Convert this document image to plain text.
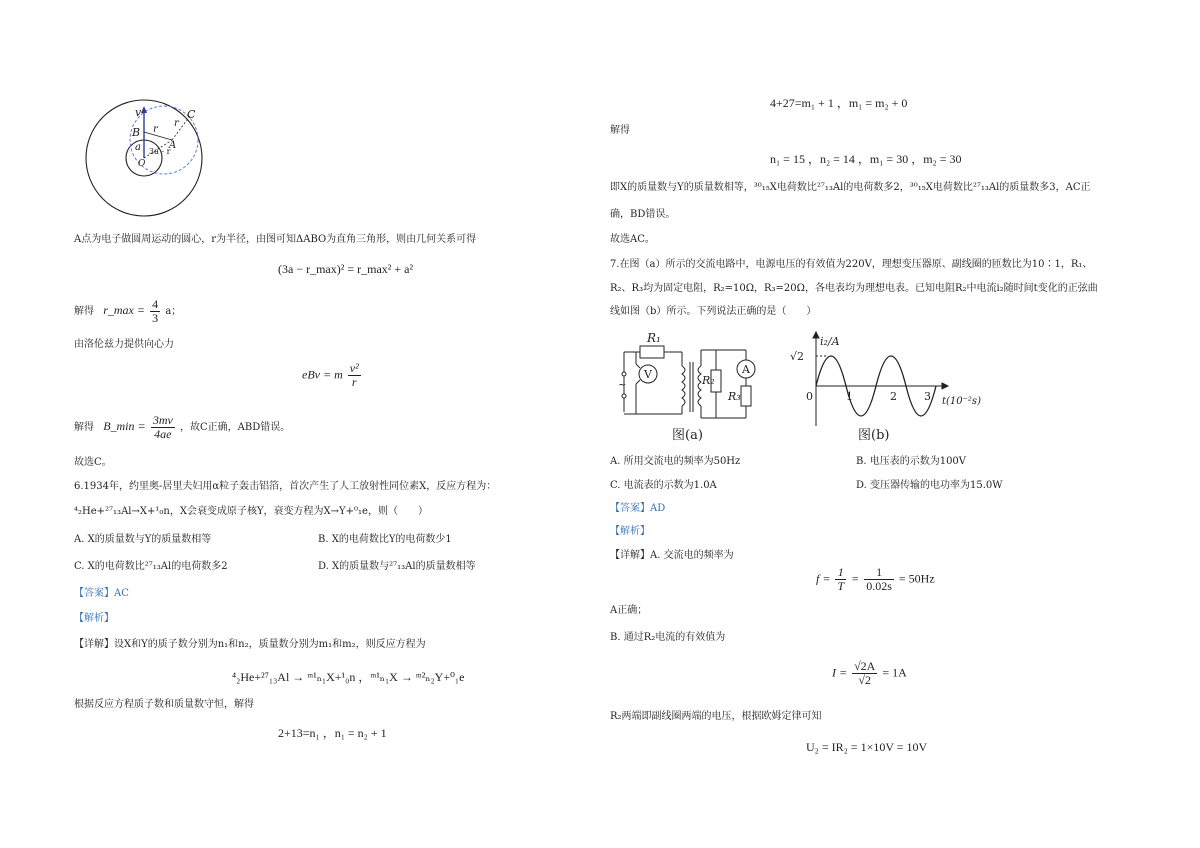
v
B
C
r
r
A
a
O
3a - r
A点为电子做圆周运动的圆心，r为半径，由图可知ΔABO为直角三角形，则由几何关系可得
(3a − r_max)² = r_max² + a²
解得 r_max = $\frac{4}{3}$ a；
由洛伦兹力提供向心力
eBv = m $\frac{\text{v²}}{r}$
解得 B_min = $\frac{3mv}{4ae}$ ，故C正确，ABD错误。
故选C。
6.1934年，约里奥-居里夫妇用α粒子轰击铝箔，首次产生了人工放射性同位素X，反应方程为：
⁴₂He+²⁷₁₃Al→X+¹₀n，X会衰变成原子核Y，衰变方程为X→Y+⁰₁e，则（　　）
A. X的质量数与Y的质量数相等	B. X的电荷数比Y的电荷数少1
C. X的电荷数比²⁷₁₃Al的电荷数多2	D. X的质量数与²⁷₁₃Al的质量数相等
【答案】AC
【解析】
【详解】设X和Y的质子数分别为n₁和n₂，质量数分别为m₁和m₂，则反应方程为
⁴₂He+²⁷₁₃Al → ᵐ¹ₙ₁X+¹₀n ，ᵐ¹ₙ₁X → ᵐ²ₙ₂Y+⁰₁e
根据反应方程质子数和质量数守恒，解得
2+13=n₁ ，n₁ = n₂ + 1
4+27=m₁ + 1 ，m₁ = m₂ + 0
解得
n₁ = 15 ，n₂ = 14 ，m₁ = 30 ，m₂ = 30
即X的质量数与Y的质量数相等，³⁰₁₅X电荷数比²⁷₁₃Al的电荷数多2，³⁰₁₅X电荷数比²⁷₁₃Al的质量数多3，AC正
确，BD错误。
故选AC。
7.在图（a）所示的交流电路中，电源电压的有效值为220V，理想变压器原、副线圈的匝数比为10∶1，R₁、
R₂、R₃均为固定电阻，R₂=10Ω，R₃=20Ω，各电表均为理想电表。已知电阻R₂中电流i₂随时间t变化的正弦曲
线如图（b）所示。下列说法正确的是（　　）
R₁
V
~	R₂
A
R₃
图(a)
i₂/A
√2
0	1	2 3 t(10⁻²s)
图(b)
A. 所用交流电的频率为50Hz	B. 电压表的示数为100V
C. 电流表的示数为1.0A	D. 变压器传输的电功率为15.0W
【答案】AD
【解析】
【详解】A. 交流电的频率为
$f = \frac{1}{T} = \frac{1}{0.02s} = 50Hz$
A正确；
B. 通过R₂电流的有效值为
$I = \frac{√2A}{√2} = 1A$
R₂两端即副线圈两端的电压，根据欧姆定律可知
U₂ = IR₂ = 1×10V = 10V
